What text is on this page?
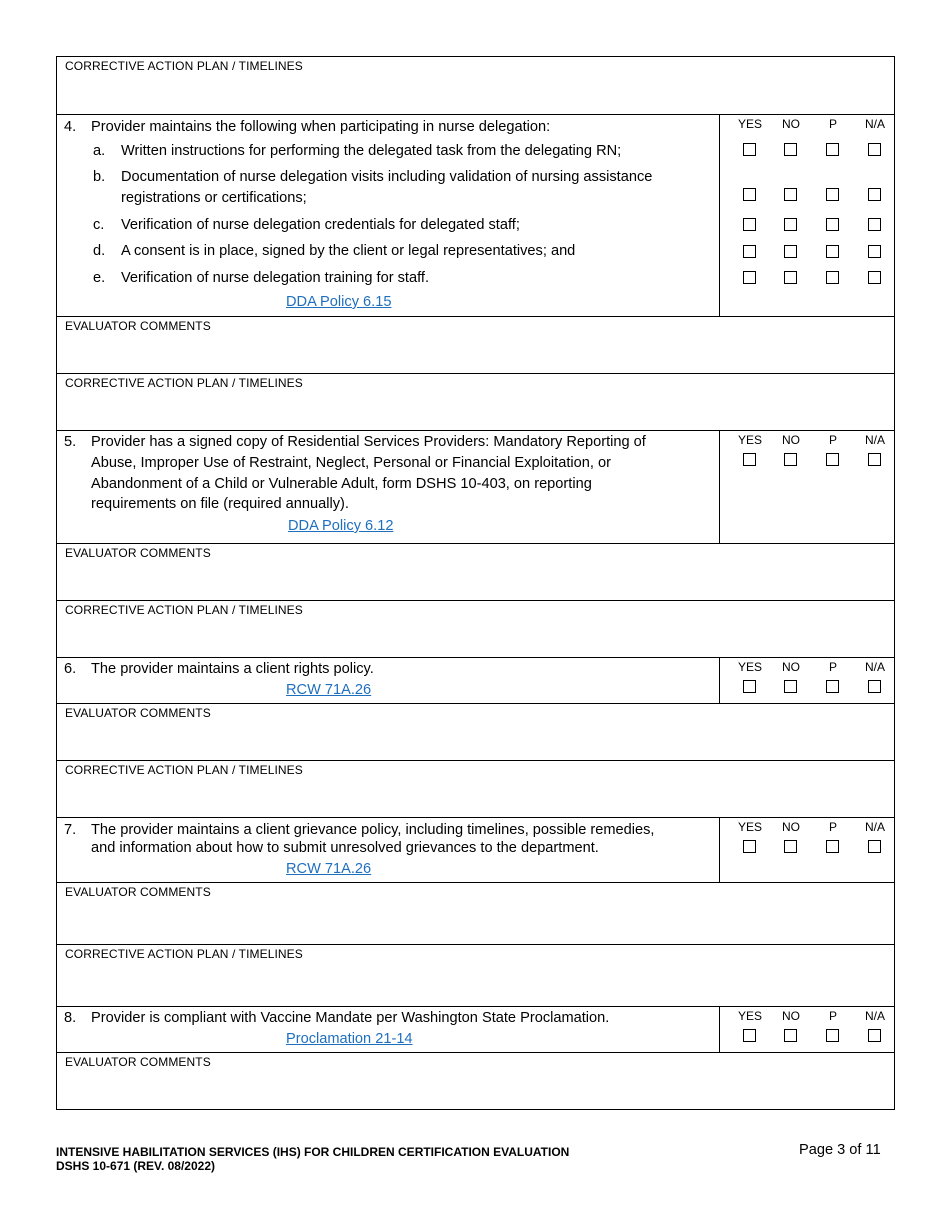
CORRECTIVE ACTION PLAN / TIMELINES
4. Provider maintains the following when participating in nurse delegation:
a. Written instructions for performing the delegated task from the delegating RN;
b. Documentation of nurse delegation visits including validation of nursing assistance
registrations or certifications;
c. Verification of nurse delegation credentials for delegated staff;
d. A consent is in place, signed by the client or legal representatives; and
e. Verification of nurse delegation training for staff.
DDA Policy 6.15
YES	NO	P	N/A
EVALUATOR COMMENTS
CORRECTIVE ACTION PLAN / TIMELINES
5. Provider has a signed copy of Residential Services Providers: Mandatory Reporting of
Abuse, Improper Use of Restraint, Neglect, Personal or Financial Exploitation, or
Abandonment of a Child or Vulnerable Adult, form DSHS 10-403, on reporting
requirements on file (required annually).
DDA Policy 6.12
YES	NO	P	N/A
EVALUATOR COMMENTS
CORRECTIVE ACTION PLAN / TIMELINES
6. The provider maintains a client rights policy.
RCW 71A.26
YES	NO	P	N/A
EVALUATOR COMMENTS
CORRECTIVE ACTION PLAN / TIMELINES
7. The provider maintains a client grievance policy, including timelines, possible remedies,
and information about how to submit unresolved grievances to the department.
RCW 71A.26
YES	NO	P	N/A
EVALUATOR COMMENTS
CORRECTIVE ACTION PLAN / TIMELINES
8. Provider is compliant with Vaccine Mandate per Washington State Proclamation.
Proclamation 21-14
YES	NO	P	N/A
EVALUATOR COMMENTS
INTENSIVE HABILITATION SERVICES (IHS) FOR CHILDREN CERTIFICATION EVALUATION
DSHS 10-671 (REV. 08/2022)
Page 3 of 11
